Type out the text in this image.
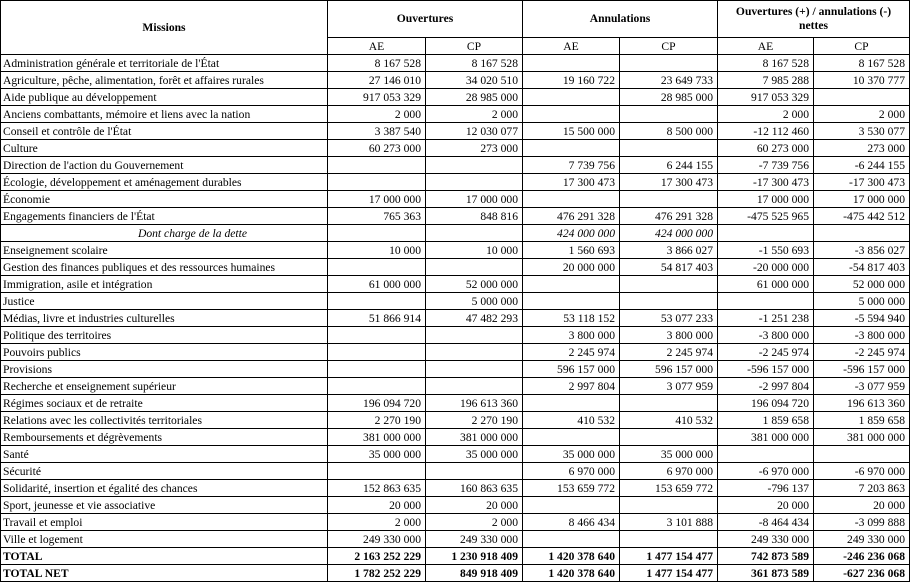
Missions	Ouvertures		Annulations		Ouvertures (+) / annulations (-) nettes	
	AE	CP	AE	CP	AE	CP
Administration générale et territoriale de l'État	8 167 528	8 167 528			8 167 528	8 167 528
Agriculture, pêche, alimentation, forêt et affaires rurales	27 146 010	34 020 510	19 160 722	23 649 733	7 985 288	10 370 777
Aide publique au développement	917 053 329	28 985 000		28 985 000	917 053 329	
Anciens combattants, mémoire et liens avec la nation	2 000	2 000			2 000	2 000
Conseil et contrôle de l'État	3 387 540	12 030 077	15 500 000	8 500 000	-12 112 460	3 530 077
Culture	60 273 000	273 000			60 273 000	273 000
Direction de l'action du Gouvernement			7 739 756	6 244 155	-7 739 756	-6 244 155
Écologie, développement et aménagement durables			17 300 473	17 300 473	-17 300 473	-17 300 473
Économie	17 000 000	17 000 000			17 000 000	17 000 000
Engagements financiers de l'État	765 363	848 816	476 291 328	476 291 328	-475 525 965	-475 442 512
Dont charge de la dette			424 000 000	424 000 000		
Enseignement scolaire	10 000	10 000	1 560 693	3 866 027	-1 550 693	-3 856 027
Gestion des finances publiques et des ressources humaines			20 000 000	54 817 403	-20 000 000	-54 817 403
Immigration, asile et intégration	61 000 000	52 000 000			61 000 000	52 000 000
Justice		5 000 000				5 000 000
Médias, livre et industries culturelles	51 866 914	47 482 293	53 118 152	53 077 233	-1 251 238	-5 594 940
Politique des territoires			3 800 000	3 800 000	-3 800 000	-3 800 000
Pouvoirs publics			2 245 974	2 245 974	-2 245 974	-2 245 974
Provisions			596 157 000	596 157 000	-596 157 000	-596 157 000
Recherche et enseignement supérieur			2 997 804	3 077 959	-2 997 804	-3 077 959
Régimes sociaux et de retraite	196 094 720	196 613 360			196 094 720	196 613 360
Relations avec les collectivités territoriales	2 270 190	2 270 190	410 532	410 532	1 859 658	1 859 658
Remboursements et dégrèvements	381 000 000	381 000 000			381 000 000	381 000 000
Santé	35 000 000	35 000 000	35 000 000	35 000 000		
Sécurité			6 970 000	6 970 000	-6 970 000	-6 970 000
Solidarité, insertion et égalité des chances	152 863 635	160 863 635	153 659 772	153 659 772	-796 137	7 203 863
Sport, jeunesse et vie associative	20 000	20 000			20 000	20 000
Travail et emploi	2 000	2 000	8 466 434	3 101 888	-8 464 434	-3 099 888
Ville et logement	249 330 000	249 330 000			249 330 000	249 330 000
TOTAL	2 163 252 229	1 230 918 409	1 420 378 640	1 477 154 477	742 873 589	-246 236 068
TOTAL NET	1 782 252 229	849 918 409	1 420 378 640	1 477 154 477	361 873 589	-627 236 068
